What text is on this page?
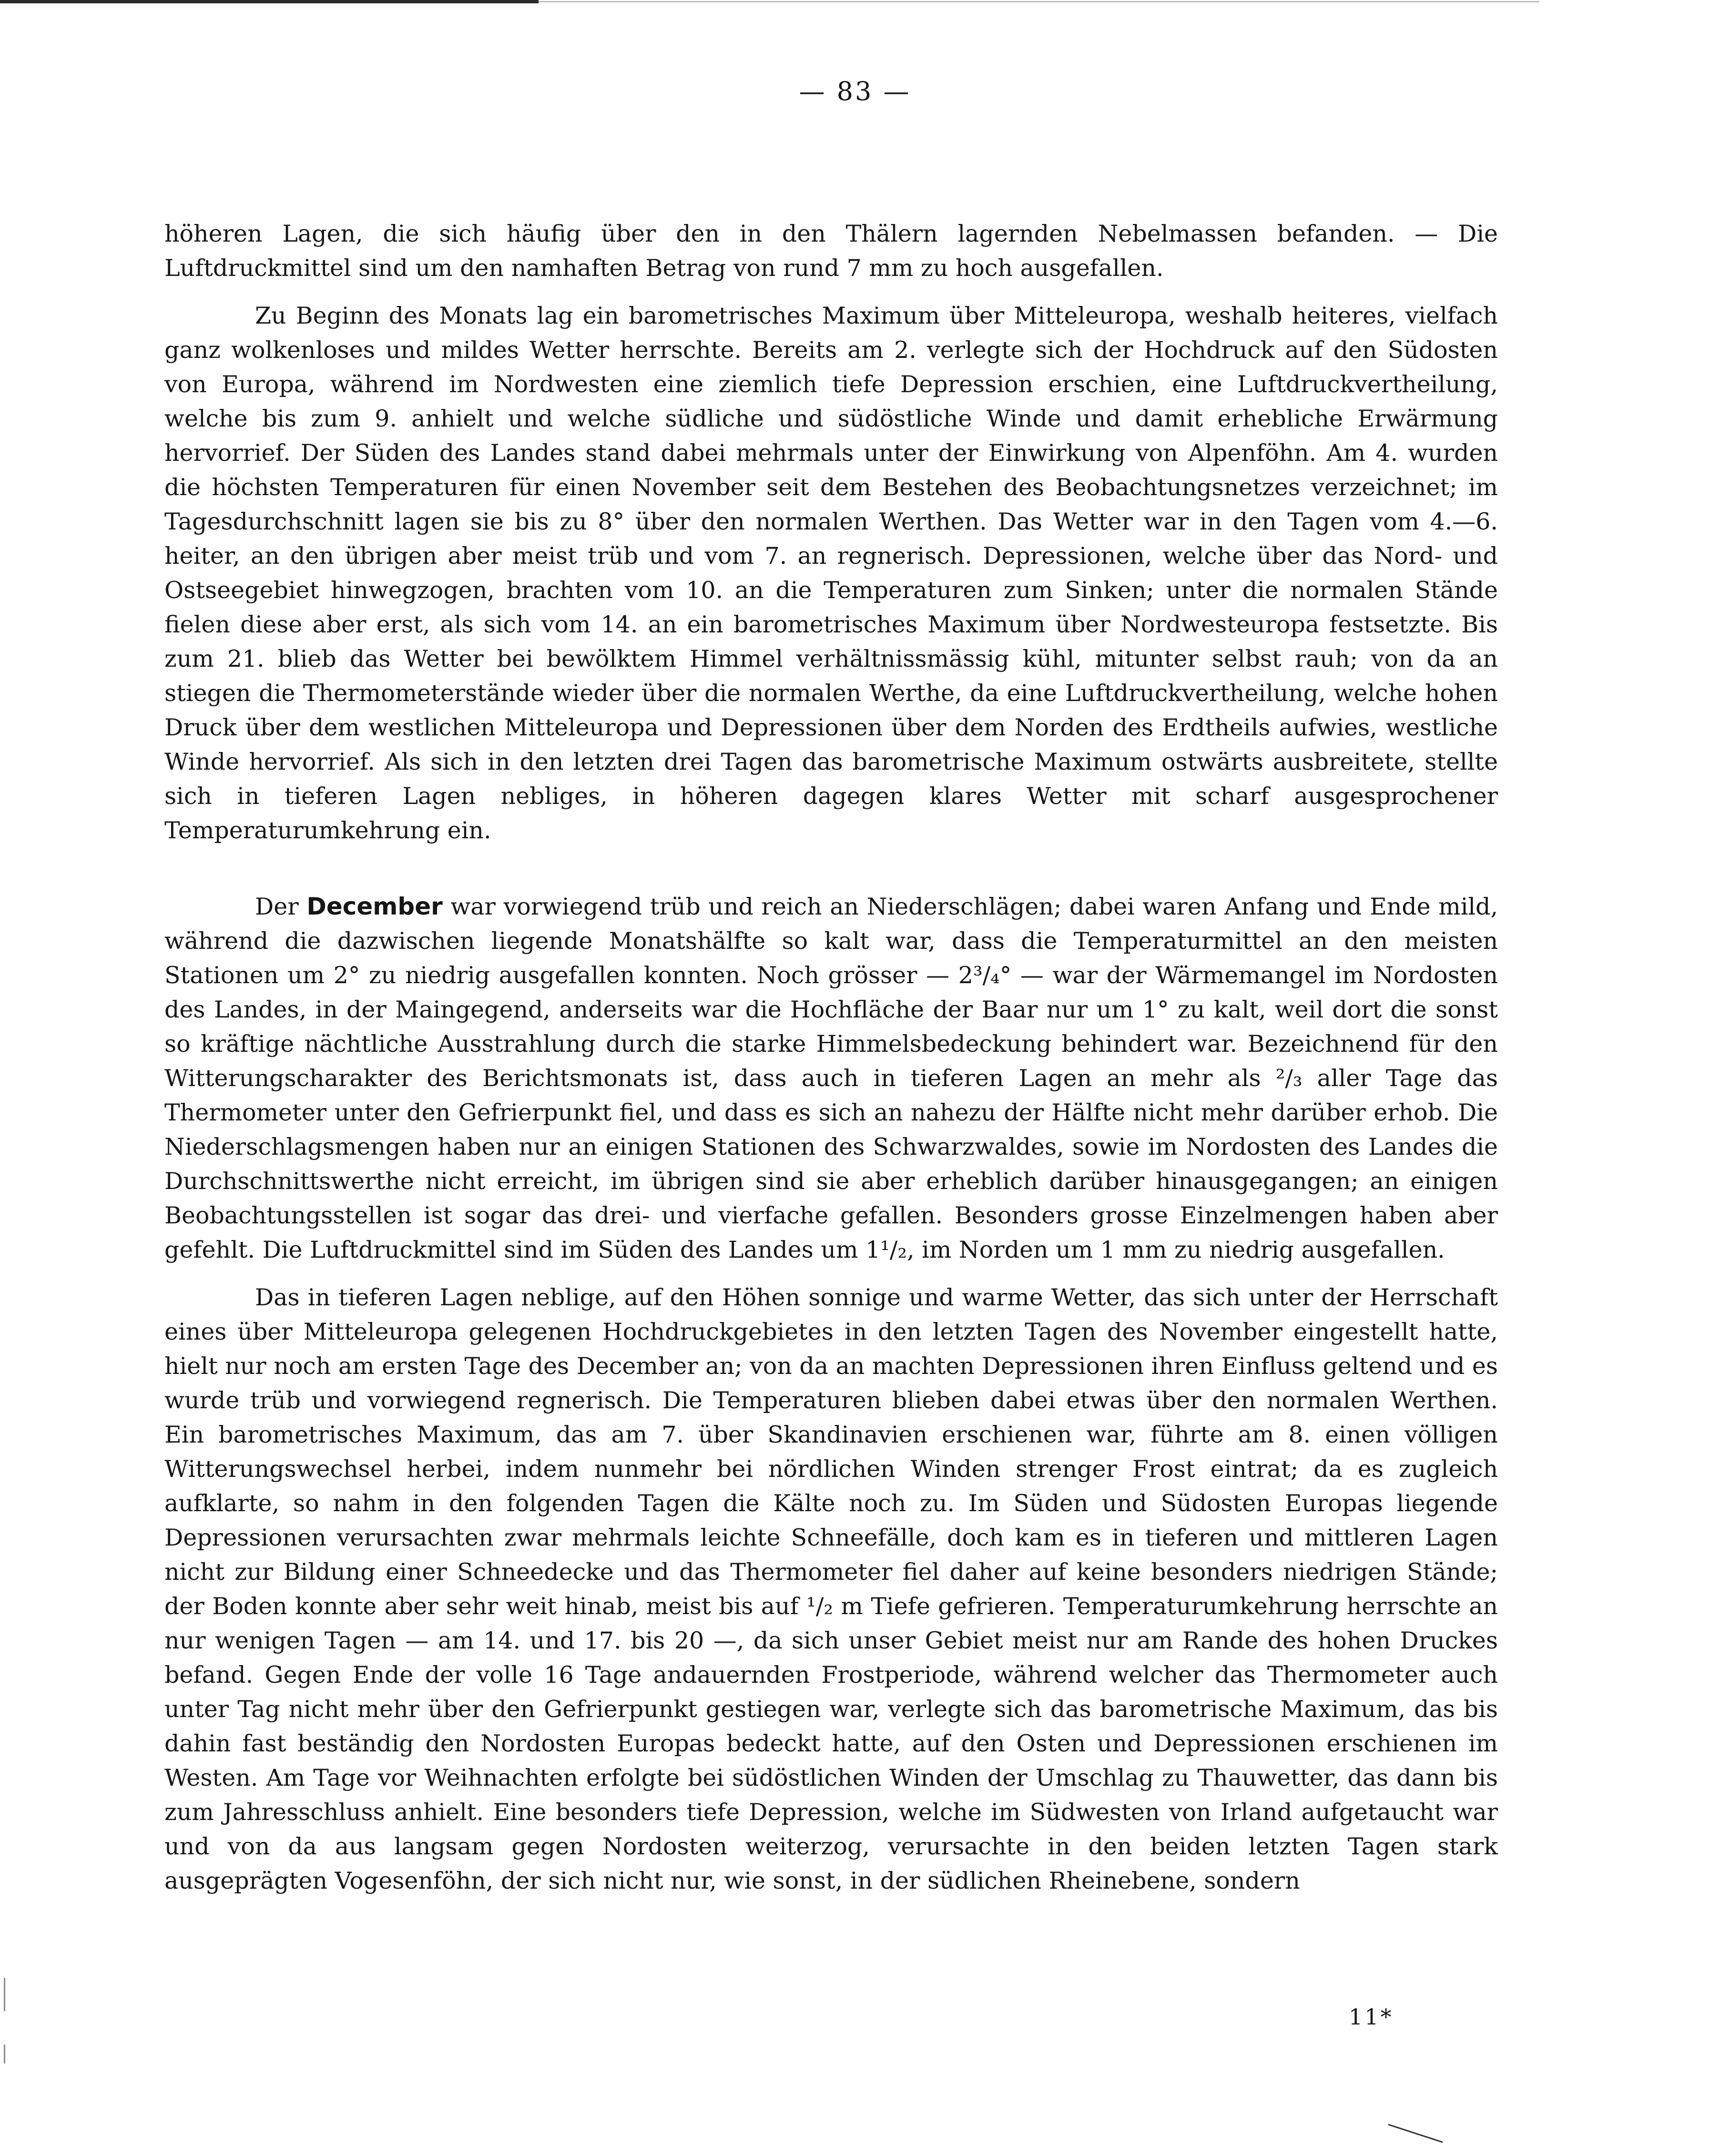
— 83 —

höheren Lagen, die sich häufig über den in den Thälern lagernden Nebelmassen befanden. — Die Luftdruckmittel sind um den namhaften Betrag von rund 7 mm zu hoch ausgefallen.

Zu Beginn des Monats lag ein barometrisches Maximum über Mitteleuropa, weshalb heiteres, vielfach ganz wolkenloses und mildes Wetter herrschte. Bereits am 2. verlegte sich der Hochdruck auf den Südosten von Europa, während im Nordwesten eine ziemlich tiefe Depression erschien, eine Luftdruckvertheilung, welche bis zum 9. anhielt und welche südliche und südöstliche Winde und damit erhebliche Erwärmung hervorrief. Der Süden des Landes stand dabei mehrmals unter der Einwirkung von Alpenföhn. Am 4. wurden die höchsten Temperaturen für einen November seit dem Bestehen des Beobachtungsnetzes verzeichnet; im Tagesdurchschnitt lagen sie bis zu 8° über den normalen Werthen. Das Wetter war in den Tagen vom 4.—6. heiter, an den übrigen aber meist trüb und vom 7. an regnerisch. Depressionen, welche über das Nord- und Ostseegebiet hinwegzogen, brachten vom 10. an die Temperaturen zum Sinken; unter die normalen Stände fielen diese aber erst, als sich vom 14. an ein barometrisches Maximum über Nordwesteuropa festsetzte. Bis zum 21. blieb das Wetter bei bewölktem Himmel verhältnissmässig kühl, mitunter selbst rauh; von da an stiegen die Thermometerstände wieder über die normalen Werthe, da eine Luftdruckvertheilung, welche hohen Druck über dem westlichen Mitteleuropa und Depressionen über dem Norden des Erdtheils aufwies, westliche Winde hervorrief. Als sich in den letzten drei Tagen das barometrische Maximum ostwärts ausbreitete, stellte sich in tieferen Lagen nebliges, in höheren dagegen klares Wetter mit scharf ausgesprochener Temperaturumkehrung ein.

Der December war vorwiegend trüb und reich an Niederschlägen; dabei waren Anfang und Ende mild, während die dazwischen liegende Monatshälfte so kalt war, dass die Temperaturmittel an den meisten Stationen um 2° zu niedrig ausgefallen konnten. Noch grösser — 2³/₄° — war der Wärmemangel im Nordosten des Landes, in der Maingegend, anderseits war die Hochfläche der Baar nur um 1° zu kalt, weil dort die sonst so kräftige nächtliche Ausstrahlung durch die starke Himmelsbedeckung behindert war. Bezeichnend für den Witterungscharakter des Berichtsmonats ist, dass auch in tieferen Lagen an mehr als ²/₃ aller Tage das Thermometer unter den Gefrierpunkt fiel, und dass es sich an nahezu der Hälfte nicht mehr darüber erhob. Die Niederschlagsmengen haben nur an einigen Stationen des Schwarzwaldes, sowie im Nordosten des Landes die Durchschnittswerthe nicht erreicht, im übrigen sind sie aber erheblich darüber hinausgegangen; an einigen Beobachtungsstellen ist sogar das drei- und vierfache gefallen. Besonders grosse Einzelmengen haben aber gefehlt. Die Luftdruckmittel sind im Süden des Landes um 1¹/₂, im Norden um 1 mm zu niedrig ausgefallen.

Das in tieferen Lagen neblige, auf den Höhen sonnige und warme Wetter, das sich unter der Herrschaft eines über Mitteleuropa gelegenen Hochdruckgebietes in den letzten Tagen des November eingestellt hatte, hielt nur noch am ersten Tage des December an; von da an machten Depressionen ihren Einfluss geltend und es wurde trüb und vorwiegend regnerisch. Die Temperaturen blieben dabei etwas über den normalen Werthen. Ein barometrisches Maximum, das am 7. über Skandinavien erschienen war, führte am 8. einen völligen Witterungswechsel herbei, indem nunmehr bei nördlichen Winden strenger Frost eintrat; da es zugleich aufklarte, so nahm in den folgenden Tagen die Kälte noch zu. Im Süden und Südosten Europas liegende Depressionen verursachten zwar mehrmals leichte Schneefälle, doch kam es in tieferen und mittleren Lagen nicht zur Bildung einer Schneedecke und das Thermometer fiel daher auf keine besonders niedrigen Stände; der Boden konnte aber sehr weit hinab, meist bis auf ¹/₂ m Tiefe gefrieren. Temperaturumkehrung herrschte an nur wenigen Tagen — am 14. und 17. bis 20 —, da sich unser Gebiet meist nur am Rande des hohen Druckes befand. Gegen Ende der volle 16 Tage andauernden Frostperiode, während welcher das Thermometer auch unter Tag nicht mehr über den Gefrierpunkt gestiegen war, verlegte sich das barometrische Maximum, das bis dahin fast beständig den Nordosten Europas bedeckt hatte, auf den Osten und Depressionen erschienen im Westen. Am Tage vor Weihnachten erfolgte bei südöstlichen Winden der Umschlag zu Thauwetter, das dann bis zum Jahresschluss anhielt. Eine besonders tiefe Depression, welche im Südwesten von Irland aufgetaucht war und von da aus langsam gegen Nordosten weiterzog, verursachte in den beiden letzten Tagen stark ausgeprägten Vogesenföhn, der sich nicht nur, wie sonst, in der südlichen Rheinebene, sondern

11*
